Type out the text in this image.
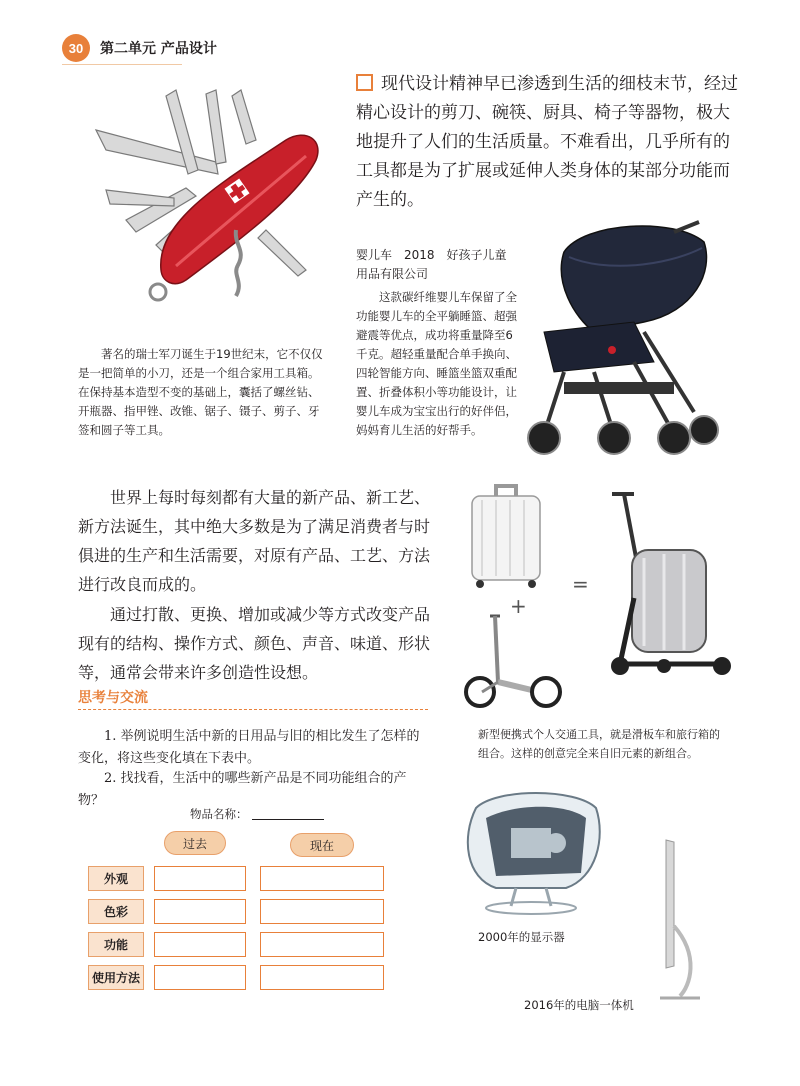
30	第二单元 产品设计
著名的瑞士军刀诞生于19世纪末，它不仅仅是一把简单的小刀，还是一个组合家用工具箱。在保持基本造型不变的基础上，囊括了螺丝钻、开瓶器、指甲锉、改锥、锯子、镊子、剪子、牙签和圆子等工具。
现代设计精神早已渗透到生活的细枝末节，经过精心设计的剪刀、碗筷、厨具、椅子等器物，极大地提升了人们的生活质量。不难看出，几乎所有的工具都是为了扩展或延伸人类身体的某部分功能而产生的。
婴儿车　2018　好孩子儿童用品有限公司
这款碳纤维婴儿车保留了全功能婴儿车的全平躺睡篮、超强避震等优点，成功将重量降至6千克。超轻重量配合单手换向、四轮智能方向、睡篮坐篮双重配置、折叠体积小等功能设计，让婴儿车成为宝宝出行的好伴侣，妈妈育儿生活的好帮手。
世界上每时每刻都有大量的新产品、新工艺、新方法诞生，其中绝大多数是为了满足消费者与时俱进的生产和生活需要，对原有产品、工艺、方法进行改良而成的。
通过打散、更换、增加或减少等方式改变产品现有的结构、操作方式、颜色、声音、味道、形状等，通常会带来许多创造性设想。
+
=
新型便携式个人交通工具，就是滑板车和旅行箱的组合。这样的创意完全来自旧元素的新组合。
思考与交流
1. 举例说明生活中新的日用品与旧的相比发生了怎样的变化，将这些变化填在下表中。
2. 找找看，生活中的哪些新产品是不同功能组合的产物？
物品名称：
过去	现在
外观
色彩
功能
使用方法
2000年的显示器
2016年的电脑一体机
